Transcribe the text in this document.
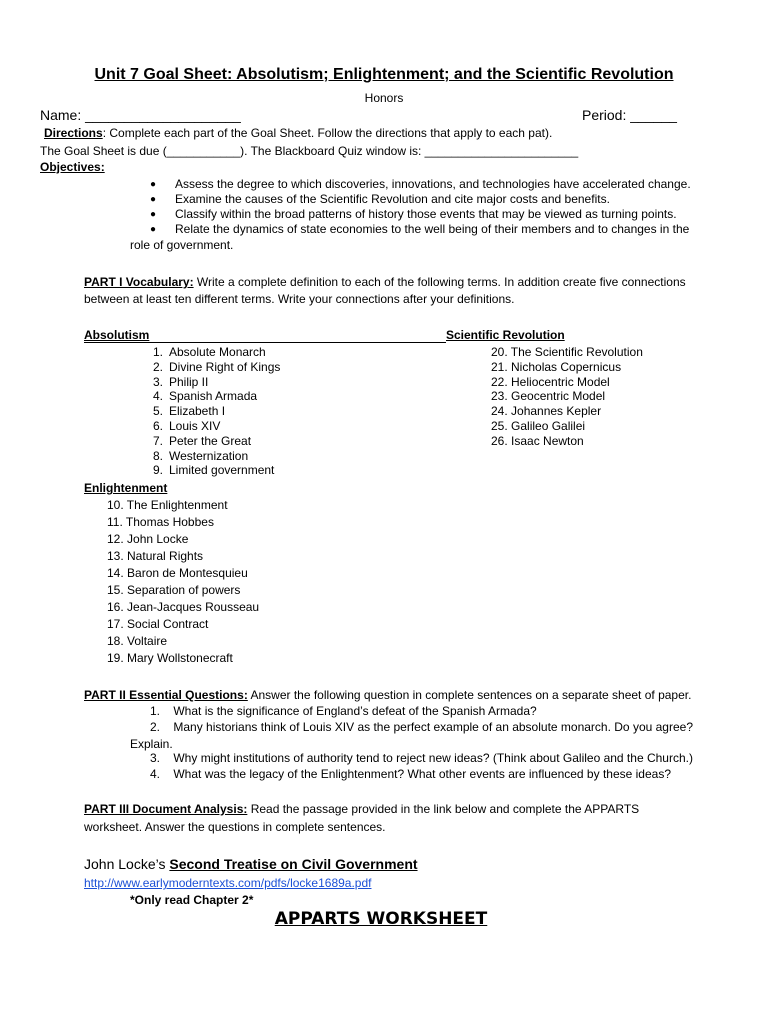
Unit 7 Goal Sheet: Absolutism; Enlightenment; and the Scientific Revolution
Honors
Name: ____________________	Period: ______
Directions: Complete each part of the Goal Sheet. Follow the directions that apply to each pat).
The Goal Sheet is due (___________). The Blackboard Quiz window is: _______________________
Objectives:
● Assess the degree to which discoveries, innovations, and technologies have accelerated change.
● Examine the causes of the Scientific Revolution and cite major costs and benefits.
● Classify within the broad patterns of history those events that may be viewed as turning points.
● Relate the dynamics of state economies to the well being of their members and to changes in the
role of government.
PART I Vocabulary: Write a complete definition to each of the following terms. In addition create five connections
between at least ten different terms. Write your connections after your definitions.
Absolutism	Scientific Revolution
1. Absolute Monarch
2. Divine Right of Kings
3. Philip II
4. Spanish Armada
5. Elizabeth I
6. Louis XIV
7. Peter the Great
8. Westernization
9. Limited government
20. The Scientific Revolution
21. Nicholas Copernicus
22. Heliocentric Model
23. Geocentric Model
24. Johannes Kepler
25. Galileo Galilei
26. Isaac Newton
Enlightenment
10. The Enlightenment
11. Thomas Hobbes
12. John Locke
13. Natural Rights
14. Baron de Montesquieu
15. Separation of powers
16. Jean-Jacques Rousseau
17. Social Contract
18. Voltaire
19. Mary Wollstonecraft
PART II Essential Questions: Answer the following question in complete sentences on a separate sheet of paper.
1. What is the significance of England’s defeat of the Spanish Armada?
2. Many historians think of Louis XIV as the perfect example of an absolute monarch. Do you agree?
Explain.
3. Why might institutions of authority tend to reject new ideas? (Think about Galileo and the Church.)
4. What was the legacy of the Enlightenment? What other events are influenced by these ideas?
PART III Document Analysis: Read the passage provided in the link below and complete the APPARTS
worksheet. Answer the questions in complete sentences.
John Locke’s Second Treatise on Civil Government
http://www.earlymoderntexts.com/pdfs/locke1689a.pdf
*Only read Chapter 2*
APPARTS WORKSHEET
